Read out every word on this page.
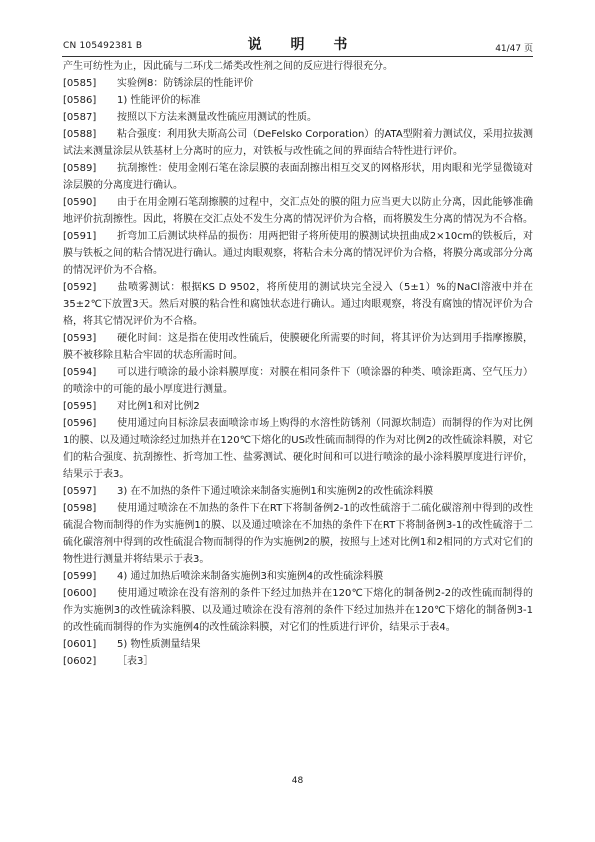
CN 105492381 B	说 明 书	41/47 页

产生可纺性为止，因此硫与二环戊二烯类改性剂之间的反应进行得很充分。

[0585] 实验例8：防锈涂层的性能评价

[0586] 1) 性能评价的标准

[0587] 按照以下方法来测量改性硫应用测试的性质。

[0588] 粘合强度：利用狄夫斯高公司（DeFelsko Corporation）的ATA型附着力测试仪，采用拉拔测试法来测量涂层从铁基材上分离时的应力，对铁板与改性硫之间的界面结合特性进行评价。

[0589] 抗刮擦性：使用金刚石笔在涂层膜的表面刮擦出相互交叉的网格形状，用肉眼和光学显微镜对涂层膜的分离度进行确认。

[0590] 由于在用金刚石笔刮擦膜的过程中，交汇点处的膜的阻力应当更大以防止分离，因此能够准确地评价抗刮擦性。因此，将膜在交汇点处不发生分离的情况评价为合格，而将膜发生分离的情况为不合格。

[0591] 折弯加工后测试块样品的损伤：用两把钳子将所使用的膜测试块扭曲成2×10cm的铁板后，对膜与铁板之间的粘合情况进行确认。通过肉眼观察，将粘合未分离的情况评价为合格，将膜分离或部分分离的情况评价为不合格。

[0592] 盐喷雾测试：根据KS D 9502，将所使用的测试块完全浸入（5±1）%的NaCl溶液中并在35±2℃下放置3天。然后对膜的粘合性和腐蚀状态进行确认。通过肉眼观察，将没有腐蚀的情况评价为合格，将其它情况评价为不合格。

[0593] 硬化时间：这是指在使用改性硫后，使膜硬化所需要的时间，将其评价为达到用手指摩擦膜，膜不被移除且粘合牢固的状态所需时间。

[0594] 可以进行喷涂的最小涂料膜厚度：对膜在相同条件下（喷涂器的种类、喷涂距离、空气压力）的喷涂中的可能的最小厚度进行测量。

[0595] 对比例1和对比例2

[0596] 使用通过向目标涂层表面喷涂市场上购得的水溶性防锈剂（同源坎制造）而制得的作为对比例1的膜、以及通过喷涂经过加热并在120℃下熔化的US改性硫而制得的作为对比例2的改性硫涂料膜，对它们的粘合强度、抗刮擦性、折弯加工性、盐雾测试、硬化时间和可以进行喷涂的最小涂料膜厚度进行评价，结果示于表3。

[0597] 3) 在不加热的条件下通过喷涂来制备实施例1和实施例2的改性硫涂料膜

[0598] 使用通过喷涂在不加热的条件下在RT下将制备例2-1的改性硫溶于二硫化碳溶剂中得到的改性硫混合物而制得的作为实施例1的膜、以及通过喷涂在不加热的条件下在RT下将制备例3-1的改性硫溶于二硫化碳溶剂中得到的改性硫混合物而制得的作为实施例2的膜，按照与上述对比例1和2相同的方式对它们的物性进行测量并将结果示于表3。

[0599] 4) 通过加热后喷涂来制备实施例3和实施例4的改性硫涂料膜

[0600] 使用通过喷涂在没有溶剂的条件下经过加热并在120℃下熔化的制备例2-2的改性硫而制得的作为实施例3的改性硫涂料膜、以及通过喷涂在没有溶剂的条件下经过加热并在120℃下熔化的制备例3-1的改性硫而制得的作为实施例4的改性硫涂料膜，对它们的性质进行评价，结果示于表4。

[0601] 5) 物性质测量结果

[0602] ［表3］

48
